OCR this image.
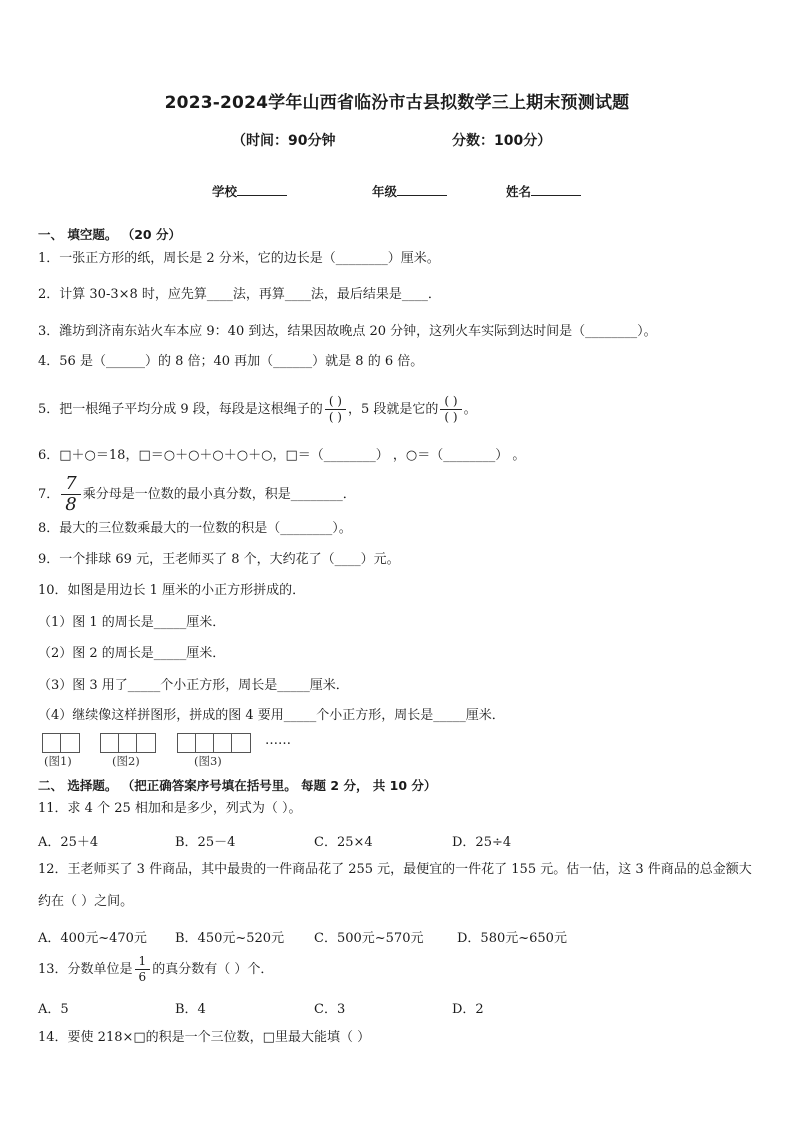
2023-2024学年山西省临汾市古县拟数学三上期末预测试题
（时间：90分钟	分数：100分）
学校	年级	姓名
一、 填空题。 （20 分）
1．一张正方形的纸，周长是 2 分米，它的边长是（________）厘米。
2．计算 30-3×8 时，应先算____法，再算____法，最后结果是____．
3．潍坊到济南东站火车本应 9：40 到达，结果因故晚点 20 分钟，这列火车实际到达时间是（________）。
4．56 是（______）的 8 倍；40 再加（______）就是 8 的 6 倍。
5．把一根绳子平均分成 9 段，每段是这根绳子的 $\frac{( )}{( )}$ ，5 段就是它的 $\frac{( )}{( )}$ 。
6．□＋○＝18，□＝○＋○＋○＋○＋○，□＝（________） ，○＝（________） 。
7． $\frac{7}{8}$ 乘分母是一位数的最小真分数，积是________．
8．最大的三位数乘最大的一位数的积是（________）。
9．一个排球 69 元，王老师买了 8 个，大约花了（____）元。
10．如图是用边长 1 厘米的小正方形拼成的．
（1）图 1 的周长是_____厘米．
（2）图 2 的周长是_____厘米．
（3）图 3 用了_____个小正方形，周长是_____厘米．
（4）继续像这样拼图形，拼成的图 4 要用_____个小正方形，周长是_____厘米．
(图1)	(图2)	(图3)
……
二、 选择题。 （把正确答案序号填在括号里。 每题 2 分， 共 10 分）
11．求 4 个 25 相加和是多少，列式为（ ）。
A．25＋4	B．25－4	C．25×4	D．25÷4
12．王老师买了 3 件商品，其中最贵的一件商品花了 255 元，最便宜的一件花了 155 元。估一估，这 3 件商品的总金额大约在（ ）之间。
A．400元~470元 B．450元~520元 C．500元~570元	D．580元~650元
13．分数单位是 $\frac{1}{6}$ 的真分数有（ ）个．
A．5	B．4	C．3	D．2
14．要使 218×□的积是一个三位数，□里最大能填（ ）
